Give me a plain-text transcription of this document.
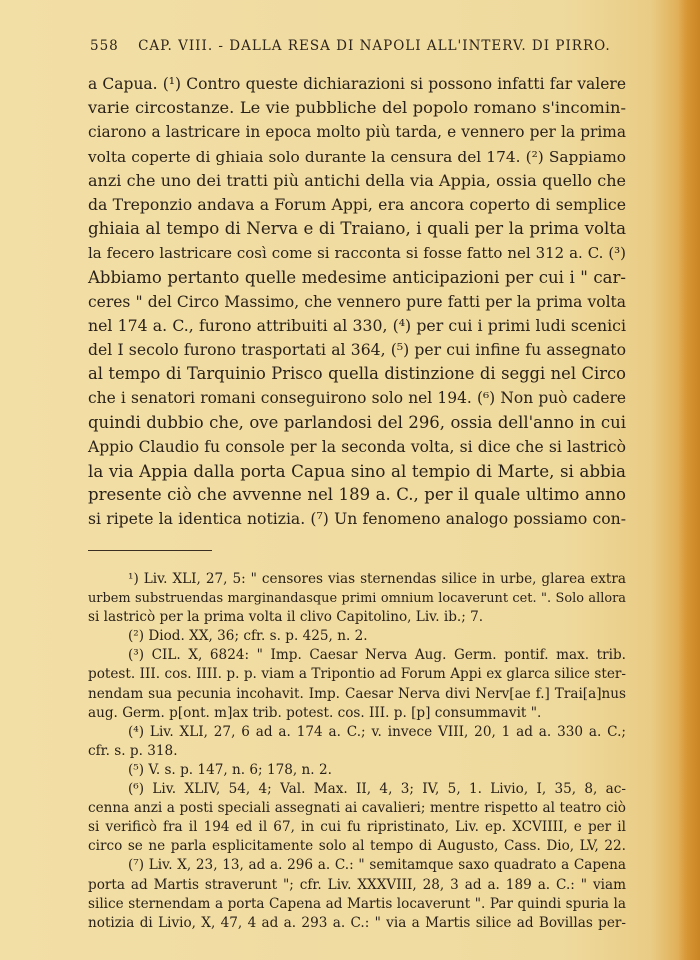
558 CAP. VIII. - DALLA RESA DI NAPOLI ALL'INTERV. DI PIRRO.
a Capua. (¹) Contro queste dichiarazioni si possono infatti far valere
varie circostanze. Le vie pubbliche del popolo romano s'incomin-
ciarono a lastricare in epoca molto più tarda, e vennero per la prima
volta coperte di ghiaia solo durante la censura del 174. (²) Sappiamo
anzi che uno dei tratti più antichi della via Appia, ossia quello che
da Treponzio andava a Forum Appi, era ancora coperto di semplice
ghiaia al tempo di Nerva e di Traiano, i quali per la prima volta
la fecero lastricare così come si racconta si fosse fatto nel 312 a. C. (³)
Abbiamo pertanto quelle medesime anticipazioni per cui i " car-
ceres " del Circo Massimo, che vennero pure fatti per la prima volta
nel 174 a. C., furono attribuiti al 330, (⁴) per cui i primi ludi scenici
del I secolo furono trasportati al 364, (⁵) per cui infine fu assegnato
al tempo di Tarquinio Prisco quella distinzione di seggi nel Circo
che i senatori romani conseguirono solo nel 194. (⁶) Non può cadere
quindi dubbio che, ove parlandosi del 296, ossia dell'anno in cui
Appio Claudio fu console per la seconda volta, si dice che si lastricò
la via Appia dalla porta Capua sino al tempio di Marte, si abbia
presente ciò che avvenne nel 189 a. C., per il quale ultimo anno
si ripete la identica notizia. (⁷) Un fenomeno analogo possiamo con-
¹) Liv. XLI, 27, 5: " censores vias sternendas silice in urbe, glarea extra
urbem substruendas marginandasque primi omnium locaverunt cet. ". Solo allora
si lastricò per la prima volta il clivo Capitolino, Liv. ib.; 7.
(²) Diod. XX, 36; cfr. s. p. 425, n. 2.
(³) CIL. X, 6824: " Imp. Caesar Nerva Aug. Germ. pontif. max. trib.
potest. III. cos. IIII. p. p. viam a Tripontio ad Forum Appi ex glarca silice ster-
nendam sua pecunia incohavit. Imp. Caesar Nerva divi Nerv[ae f.] Trai[a]nus
aug. Germ. p[ont. m]ax trib. potest. cos. III. p. [p] consummavit ".
(⁴) Liv. XLI, 27, 6 ad a. 174 a. C.; v. invece VIII, 20, 1 ad a. 330 a. C.;
cfr. s. p. 318.
(⁵) V. s. p. 147, n. 6; 178, n. 2.
(⁶) Liv. XLIV, 54, 4; Val. Max. II, 4, 3; IV, 5, 1. Livio, I, 35, 8, ac-
cenna anzi a posti speciali assegnati ai cavalieri; mentre rispetto al teatro ciò
si verificò fra il 194 ed il 67, in cui fu ripristinato, Liv. ep. XCVIIII, e per il
circo se ne parla esplicitamente solo al tempo di Augusto, Cass. Dio, LV, 22.
(⁷) Liv. X, 23, 13, ad a. 296 a. C.: " semitamque saxo quadrato a Capena
porta ad Martis straverunt "; cfr. Liv. XXXVIII, 28, 3 ad a. 189 a. C.: " viam
silice sternendam a porta Capena ad Martis locaverunt ". Par quindi spuria la
notizia di Livio, X, 47, 4 ad a. 293 a. C.: " via a Martis silice ad Bovillas per-
